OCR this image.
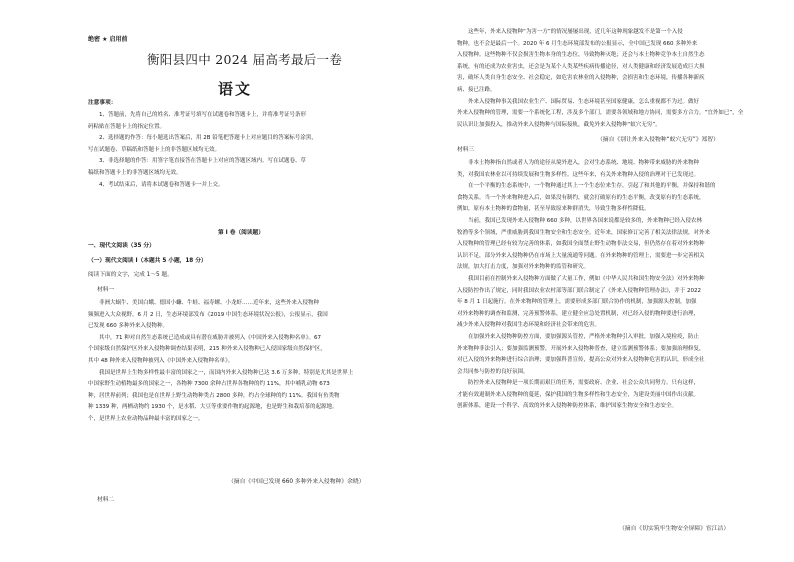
绝密 ★ 启用前
衡阳县四中 2024 届高考最后一卷
语文
注意事项：
1、答题前，先将自己的姓名、准考证号填写在试题卷和答题卡上，并将准考证号条形
码粘贴在答题卡上的指定位置。
2、选择题的作答：每小题选出答案后，用 2B 铅笔把答题卡上对应题目的答案标号涂黑，
写在试题卷、草稿纸和答题卡上的非答题区域均无效。
3、非选择题的作答：用签字笔直接答在答题卡上对应的答题区域内。写在试题卷、草
稿纸和答题卡上的非答题区域均无效。
4、考试结束后，请将本试题卷和答题卡一并上交。
第 I 卷（阅读题）
一、现代文阅读（35 分）
（一）现代文阅读 I（本题共 5 小题，18 分）
阅读下面的文字，完成 1～5 题。
材料一
非洲大蜗牛、美国白蛾、德国小蠊、牛蛙、福寿螺、小龙虾……近年来，这些外来入侵物种
频频进入大众视野。6 月 2 日，生态环境部发布《2019 中国生态环境状况公报》，公报显示，我国
已发现 660 多种外来入侵物种。
其中，71 种对自然生态系统已造成或具有潜在威胁并被列入《中国外来入侵物种名单》。67
个国家级自然保护区外来入侵物种调查结果表明，215 种外来入侵物种已入侵国家级自然保护区，
其中 48 种外来入侵物种被列入《中国外来入侵物种名单》。
我国是世界上生物多样性最丰富的国家之一，而国内外来入侵物种已达 3.6 万多种，特别是尤其是世界上
中国家野生动植物最多的国家之一，各物种 7300 余种占世界各物种的约 11%，其中哺乳动物 673
种，居世界前列；我国也是在世界上野生动物种类占 2800 多种，约占全球种的约 11%。我国有鱼类物
种 1339 种，两栖动物约 1930 个，是水稻、大豆等重要作物的起源地，也是野生和栽培茶的起源地。
个，是世界上农业动物品种最丰富的国家之一。
（摘自《中国已发现 660 多种外来入侵物种》余晓）
材料二
这些年，外来入侵物种“为害一方”的情况屡屡出现，近几年这种现象越发不是第一个入侵
物种，也不会是最后一个。2020 年 6 月生态环境部发布的公报显示，全中国已发现 660 多种外来
入侵物种。这些物种不仅会损害生物本身的生态位，导致物种灭绝；还会与本土物种竞争本土自然生态
系统，有的还成为农业害虫，还会是为某个人类某些疾病传播途径，对人类健康和经济发展造成巨大损
害，破坏人类自身生态安全、社会稳定，如危害农林业的入侵物种，会损害和生态环境，传播各种新疾
病、接已注路。
外来入侵物种事关我国农业生产、国际贸易、生态环境甚至国家健康，怎么重视都不为过。做好
外来入侵物种的管理，需要一个系统化工程，涉及多个部门，需要各领域和地方协同，需要多方合力。“宜外如已”，全
民认识让加强投入，推动外来入侵物种与国际接轨，截免外来入侵物种“蚁穴无穷”。
（摘自《别让外来入侵物种“蚁穴无穷”》郑智）
材料三
非本土物种指自然或者人为的途径从境外进入，会对生态系统、地境、物种带来威胁的外来物种
类，对我国农林业以可持续发展和生物多样性。这些年来，有关外来物种入侵的治理对于已发现过。
在一个平衡的生态系统中，一个物种通过其上一个生态位来生存，引起了和其他的平衡，并保持和谐的
食物关系。当一个外来物种进入后，如果没有制约，就会打破原有的生态平衡，改变原有的生态系统，
例如，原有本土物种的食物量，甚至导致原来种群消失，导致生物多样性降低。
当前，我国已发现外来入侵物种 660 多种，以世界各国来说都是较多的，外来物种已经入侵农林
牧渔等多个领域，严重威胁到我国生物安全和生态安全。近年来，国家修订完善了相关法律法规，对外来
入侵物种的管理已经有较为完善的体系，如我国全面禁止野生动物非法交易，但仍然存在着对外来物种
认识不足，部分外来入侵物种仍在市场上大量流通等问题。在外来物种的管理上，需要进一步完善相关
法规，加大打击力度，加强对外来物种的监管和研究。
我国目前在控制外来入侵物种方面做了大量工作，例如《中华人民共和国生物安全法》对外来物种
入侵防控作出了规定，同时我国农业农村部等部门联合制定了《外来入侵物种管理办法》，并于 2022
年 8 月 1 日起施行。在外来物种的管理上，需要形成多部门联合协作的机制，加强源头控制，加强
对外来物种的调查和监测，完善预警体系，建立健全应急处置机制，对已经入侵的物种要进行治理，
减少外来入侵物种对我国生态环境和经济社会带来的危害。
在加强外来入侵物种防控方面，要加强源头管控，严格外来物种引入审批，加强入境检疫，防止
外来物种非法引入；要加强监测预警，开展外来入侵物种普查，建立监测预警体系；要加强治理修复，
对已入侵的外来物种进行综合治理；要加强科普宣传，提高公众对外来入侵物种危害的认识，形成全社
会共同参与防控的良好氛围。
防控外来入侵物种是一项长期而艰巨的任务，需要政府、企业、社会公众共同努力。只有这样，
才能有效遏制外来入侵物种的蔓延，保护我国的生物多样性和生态安全，为建设美丽中国作出贡献。
创新体系，建设一个科学、高效的外来入侵物种防控体系，维护国家生物安全和生态安全。
（摘自《切实筑牢生物安全屏障》宦江洁）
